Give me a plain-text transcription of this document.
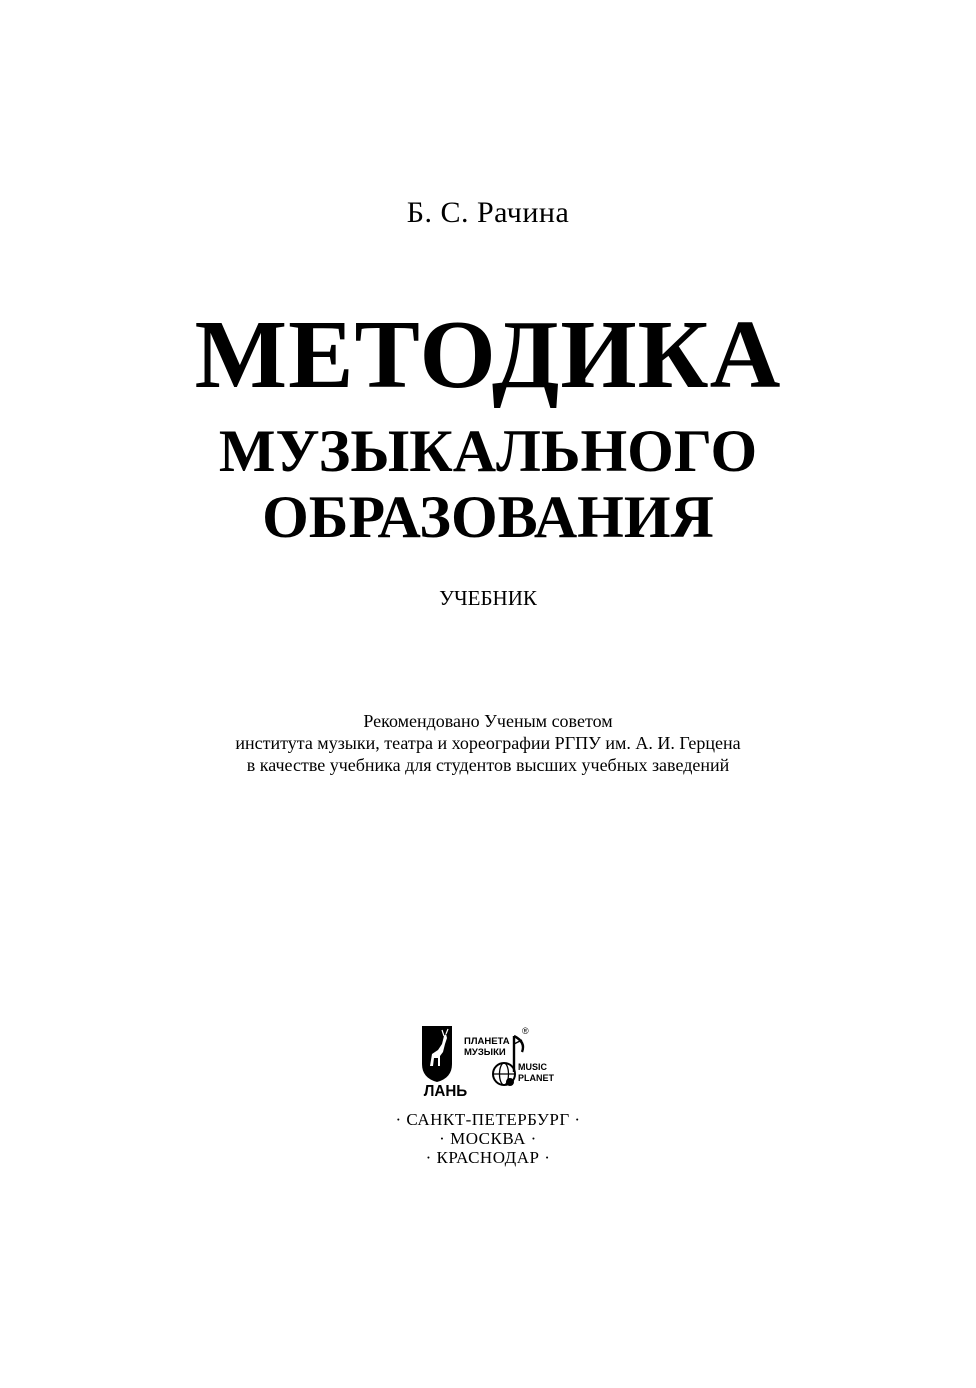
Б. С. Рачина
МЕТОДИКА
МУЗЫКАЛЬНОГО
ОБРАЗОВАНИЯ
УЧЕБНИК
Рекомендовано Ученым советом
института музыки, театра и хореографии РГПУ им. А. И. Герцена
в качестве учебника для студентов высших учебных заведений
ЛАНЬ
ПЛАНЕТА
МУЗЫКИ
®
MUSIC
PLANET
· САНКТ-ПЕТЕРБУРГ ·
· МОСКВА ·
· КРАСНОДАР ·
